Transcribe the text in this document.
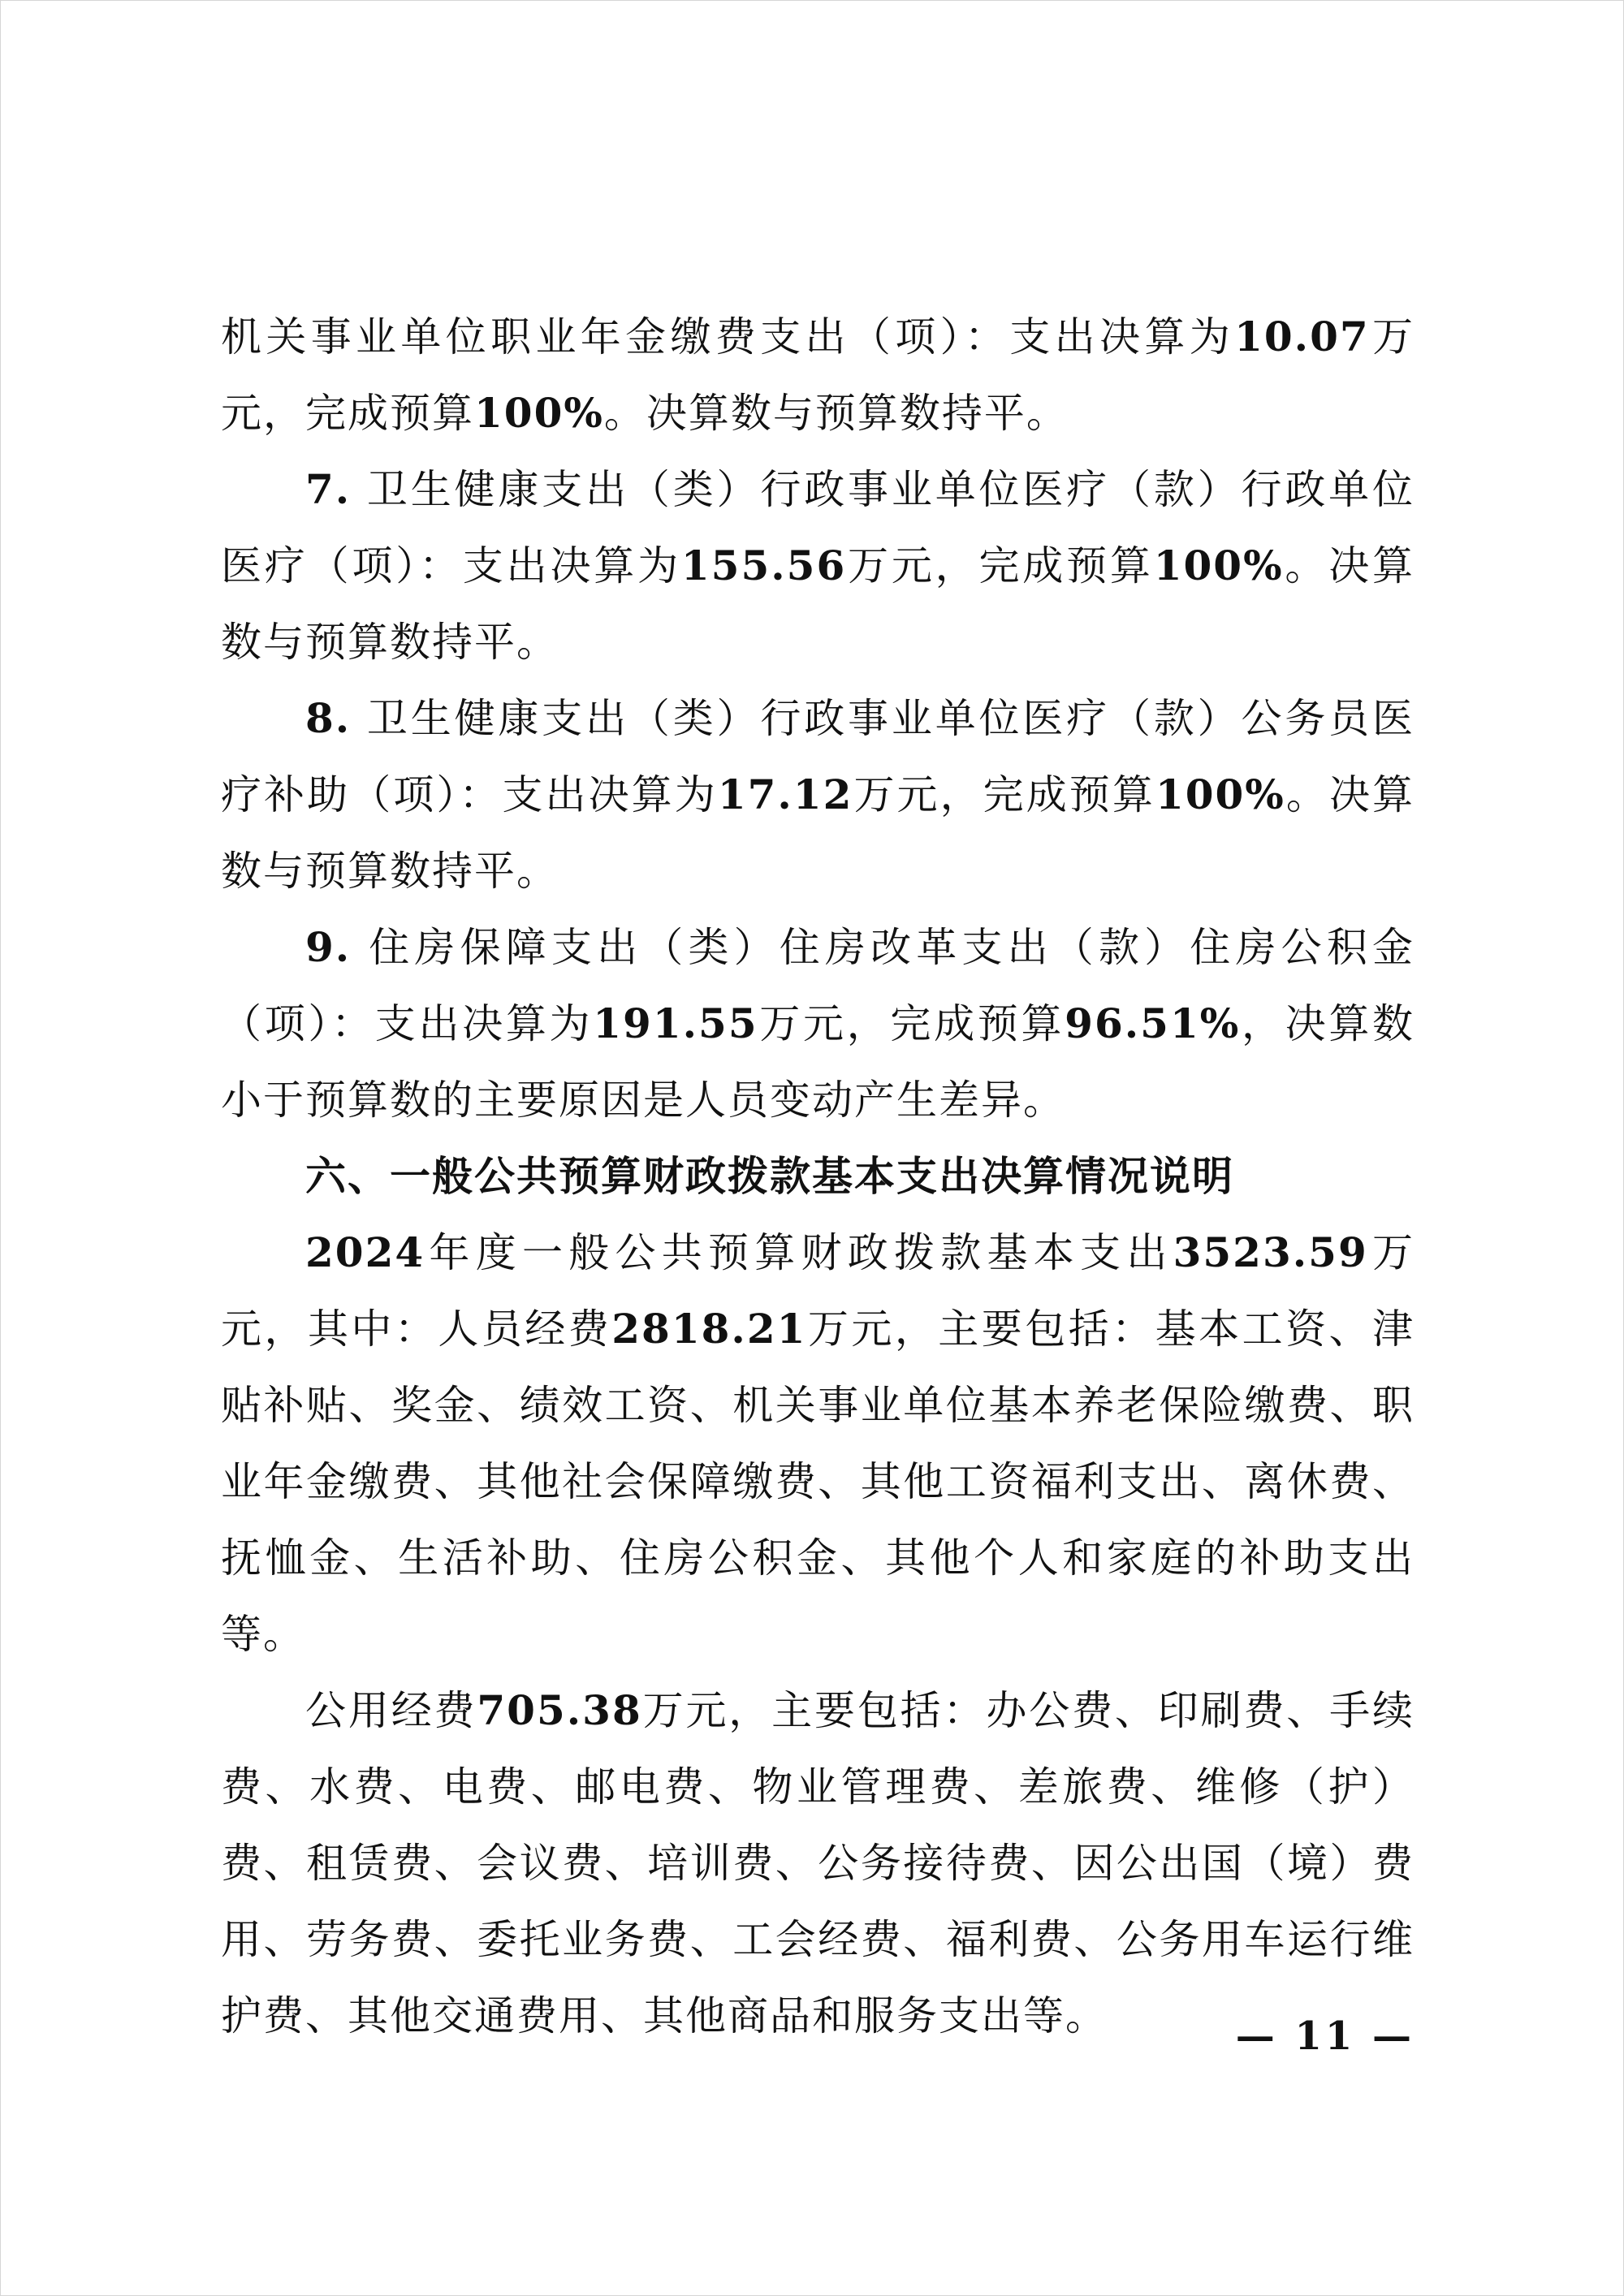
机关事业单位职业年金缴费支出（项）：支出决算为10.07万元，完成预算100%。决算数与预算数持平。

7. 卫生健康支出（类）行政事业单位医疗（款）行政单位医疗（项）：支出决算为155.56万元，完成预算100%。决算数与预算数持平。

8. 卫生健康支出（类）行政事业单位医疗（款）公务员医疗补助（项）：支出决算为17.12万元，完成预算100%。决算数与预算数持平。

9. 住房保障支出（类）住房改革支出（款）住房公积金（项）：支出决算为191.55万元，完成预算96.51%，决算数小于预算数的主要原因是人员变动产生差异。

六、一般公共预算财政拨款基本支出决算情况说明

2024年度一般公共预算财政拨款基本支出3523.59万元，其中：人员经费2818.21万元，主要包括：基本工资、津贴补贴、奖金、绩效工资、机关事业单位基本养老保险缴费、职业年金缴费、其他社会保障缴费、其他工资福利支出、离休费、抚恤金、生活补助、住房公积金、其他个人和家庭的补助支出等。

公用经费705.38万元，主要包括：办公费、印刷费、手续费、水费、电费、邮电费、物业管理费、差旅费、维修（护）费、租赁费、会议费、培训费、公务接待费、因公出国（境）费用、劳务费、委托业务费、工会经费、福利费、公务用车运行维护费、其他交通费用、其他商品和服务支出等。	— 11 —
